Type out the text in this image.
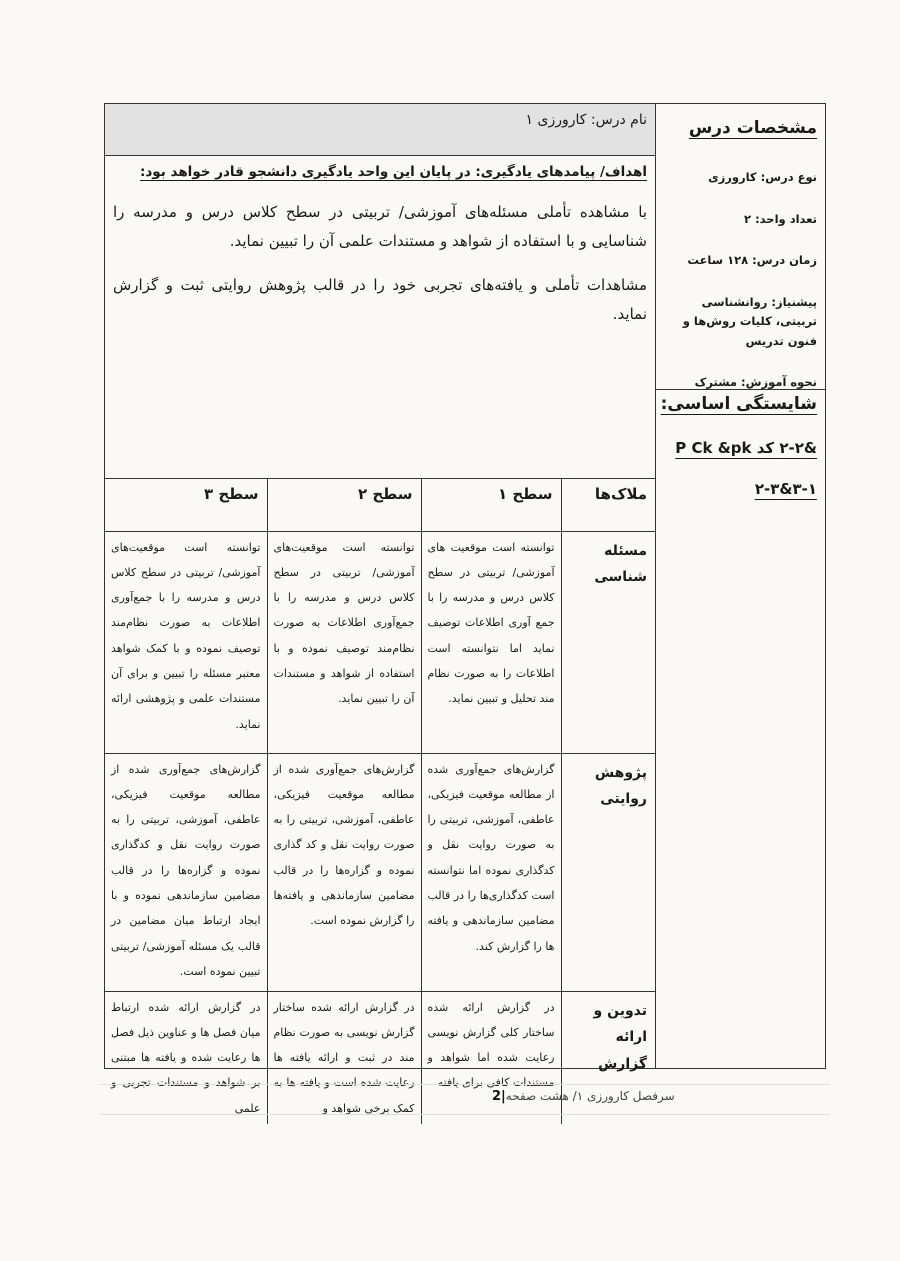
مشخصات درس
نوع درس: کارورزی
تعداد واحد: ۲
زمان درس: ۱۲۸ ساعت
پیشنیاز: روانشناسی تربیتی، کلیات روش‌ها و فنون تدریس
نحوه آموزش: مشترک
شایستگی اساسی:
&۲-۲ کد P Ck &pk
۳-۱&۲-۳
نام درس: کارورزی ۱
اهداف/ پیامدهای یادگیری: در پایان این واحد یادگیری دانشجو قادر خواهد بود:
با مشاهده تأملی مسئله‌های آموزشی/ تربیتی در سطح کلاس درس و مدرسه را شناسایی و با استفاده از شواهد و مستندات علمی آن را تبیین نماید.
مشاهدات تأملی و یافته‌های تجربی خود را در قالب پژوهش روایتی ثبت و گزارش نماید.
ملاک‌ها	سطح ۱	سطح ۲	سطح ۳
مسئله شناسی	توانسته است موقعیت های آموزشی/ تربیتی در سطح کلاس درس و مدرسه را با جمع آوری اطلاعات توصیف نماید اما نتوانسته است اطلاعات را به صورت نظام مند تحلیل و تبیین نماید.	توانسته است موقعیت‌های آموزشی/ تربیتی در سطح کلاس درس و مدرسه را با جمع‌آوری اطلاعات به صورت نظام‌مند توصیف نموده و با استفاده از شواهد و مستندات آن را تبیین نماید.	توانسته است موقعیت‌های آموزشی/ تربیتی در سطح کلاس درس و مدرسه را با جمع‌آوری اطلاعات به صورت نظام‌مند توصیف نموده و با کمک شواهد معتبر مسئله را تبیین و برای آن مستندات علمی و پژوهشی ارائه نماید.
پژوهش روایتی	گزارش‌های جمع‌آوری شده از مطالعه موقعیت فیزیکی، عاطفی، آموزشی، تربیتی را به صورت روایت نقل و کدگذاری نموده اما نتوانسته است کدگذاری‌ها را در قالب مضامین سازماندهی و یافته ها را گزارش کند.	گزارش‌های جمع‌آوری شده از مطالعه موقعیت فیزیکی، عاطفی، آموزشی، تربیتی را به صورت روایت نقل و کد گذاری نموده و گزاره‌ها را در قالب مضامین سازماندهی و یافته‌ها را گزارش نموده است.	گزارش‌های جمع‌آوری شده از مطالعه موقعیت فیزیکی، عاطفی، آموزشی، تربیتی را به صورت روایت نقل و کدگذاری نموده و گزاره‌ها را در قالب مضامین سازماندهی نموده و با ایجاد ارتباط میان مضامین در قالب یک مسئله آموزشی/ تربیتی تبیین نموده است.
تدوین و ارائه گزارش	در گزارش ارائه شده ساختار کلی گزارش نویسی رعایت شده اما شواهد و مستندات کافی برای یافته	در گزارش ارائه شده ساختار گزارش نویسی به صورت نظام مند در ثبت و ارائه یافته ها رعایت شده است و یافته ها به کمک برخی شواهد و	در گزارش ارائه شده ارتباط میان فصل ها و عناوین ذیل فصل ها رعایت شده و یافته ها مبتنی بر شواهد و مستندات تجربی و علمی
سرفصل کارورزی ۱/ هشت صفحه|2
